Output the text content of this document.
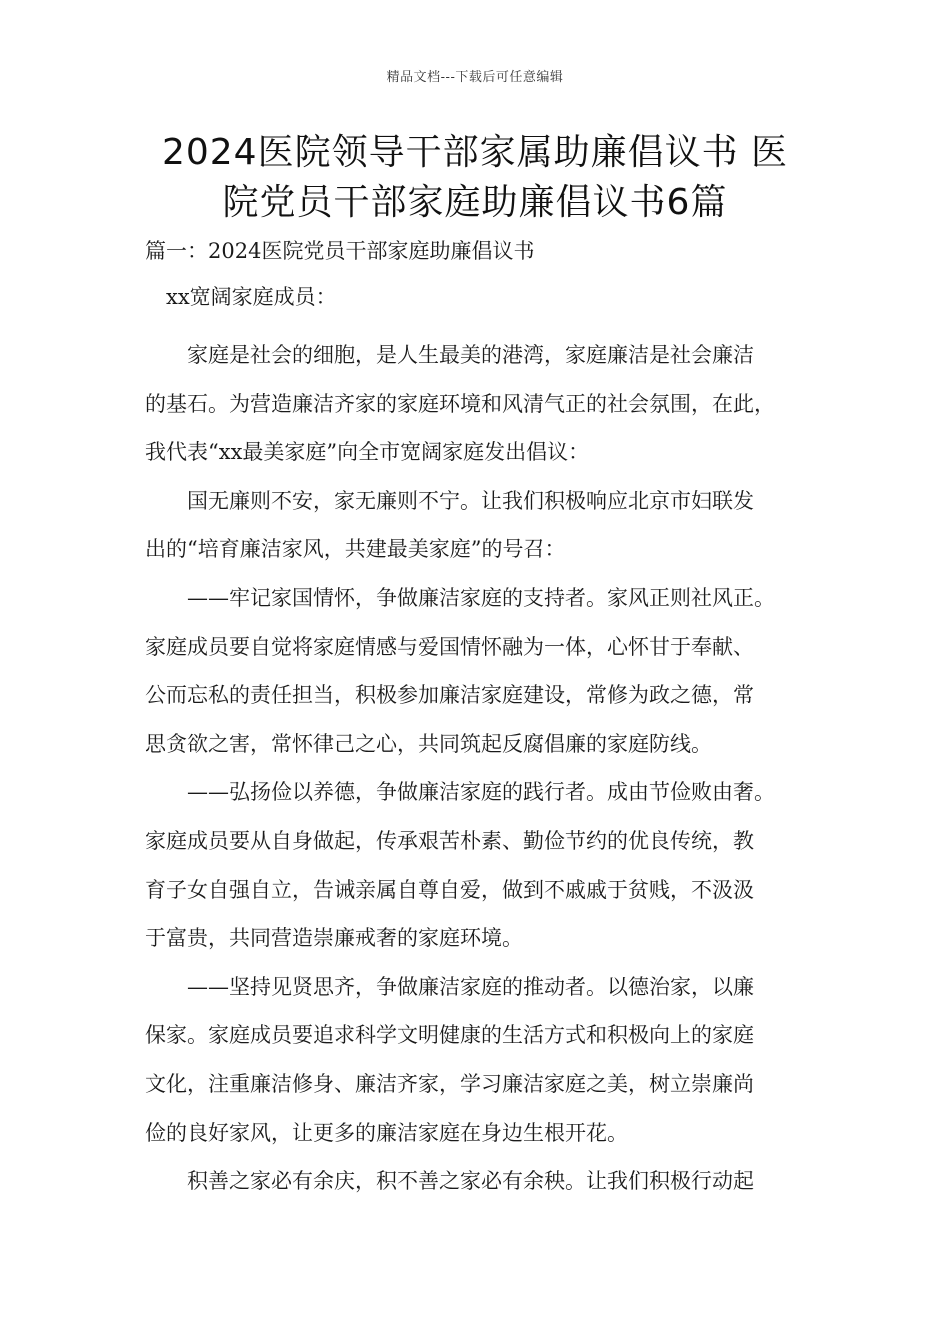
精品文档---下载后可任意编辑
2024医院领导干部家属助廉倡议书 医
院党员干部家庭助廉倡议书6篇

篇一：2024医院党员干部家庭助廉倡议书

xx宽阔家庭成员：

家庭是社会的细胞，是人生最美的港湾，家庭廉洁是社会廉洁
的基石。为营造廉洁齐家的家庭环境和风清气正的社会氛围，在此，
我代表“xx最美家庭”向全市宽阔家庭发出倡议：

国无廉则不安，家无廉则不宁。让我们积极响应北京市妇联发
出的“培育廉洁家风，共建最美家庭”的号召：

——牢记家国情怀，争做廉洁家庭的支持者。家风正则社风正。
家庭成员要自觉将家庭情感与爱国情怀融为一体，心怀甘于奉献、
公而忘私的责任担当，积极参加廉洁家庭建设，常修为政之德，常
思贪欲之害，常怀律己之心，共同筑起反腐倡廉的家庭防线。

——弘扬俭以养德，争做廉洁家庭的践行者。成由节俭败由奢。
家庭成员要从自身做起，传承艰苦朴素、勤俭节约的优良传统，教
育子女自强自立，告诫亲属自尊自爱，做到不戚戚于贫贱，不汲汲
于富贵，共同营造崇廉戒奢的家庭环境。

——坚持见贤思齐，争做廉洁家庭的推动者。以德治家，以廉
保家。家庭成员要追求科学文明健康的生活方式和积极向上的家庭
文化，注重廉洁修身、廉洁齐家，学习廉洁家庭之美，树立崇廉尚
俭的良好家风，让更多的廉洁家庭在身边生根开花。

积善之家必有余庆，积不善之家必有余秧。让我们积极行动起
